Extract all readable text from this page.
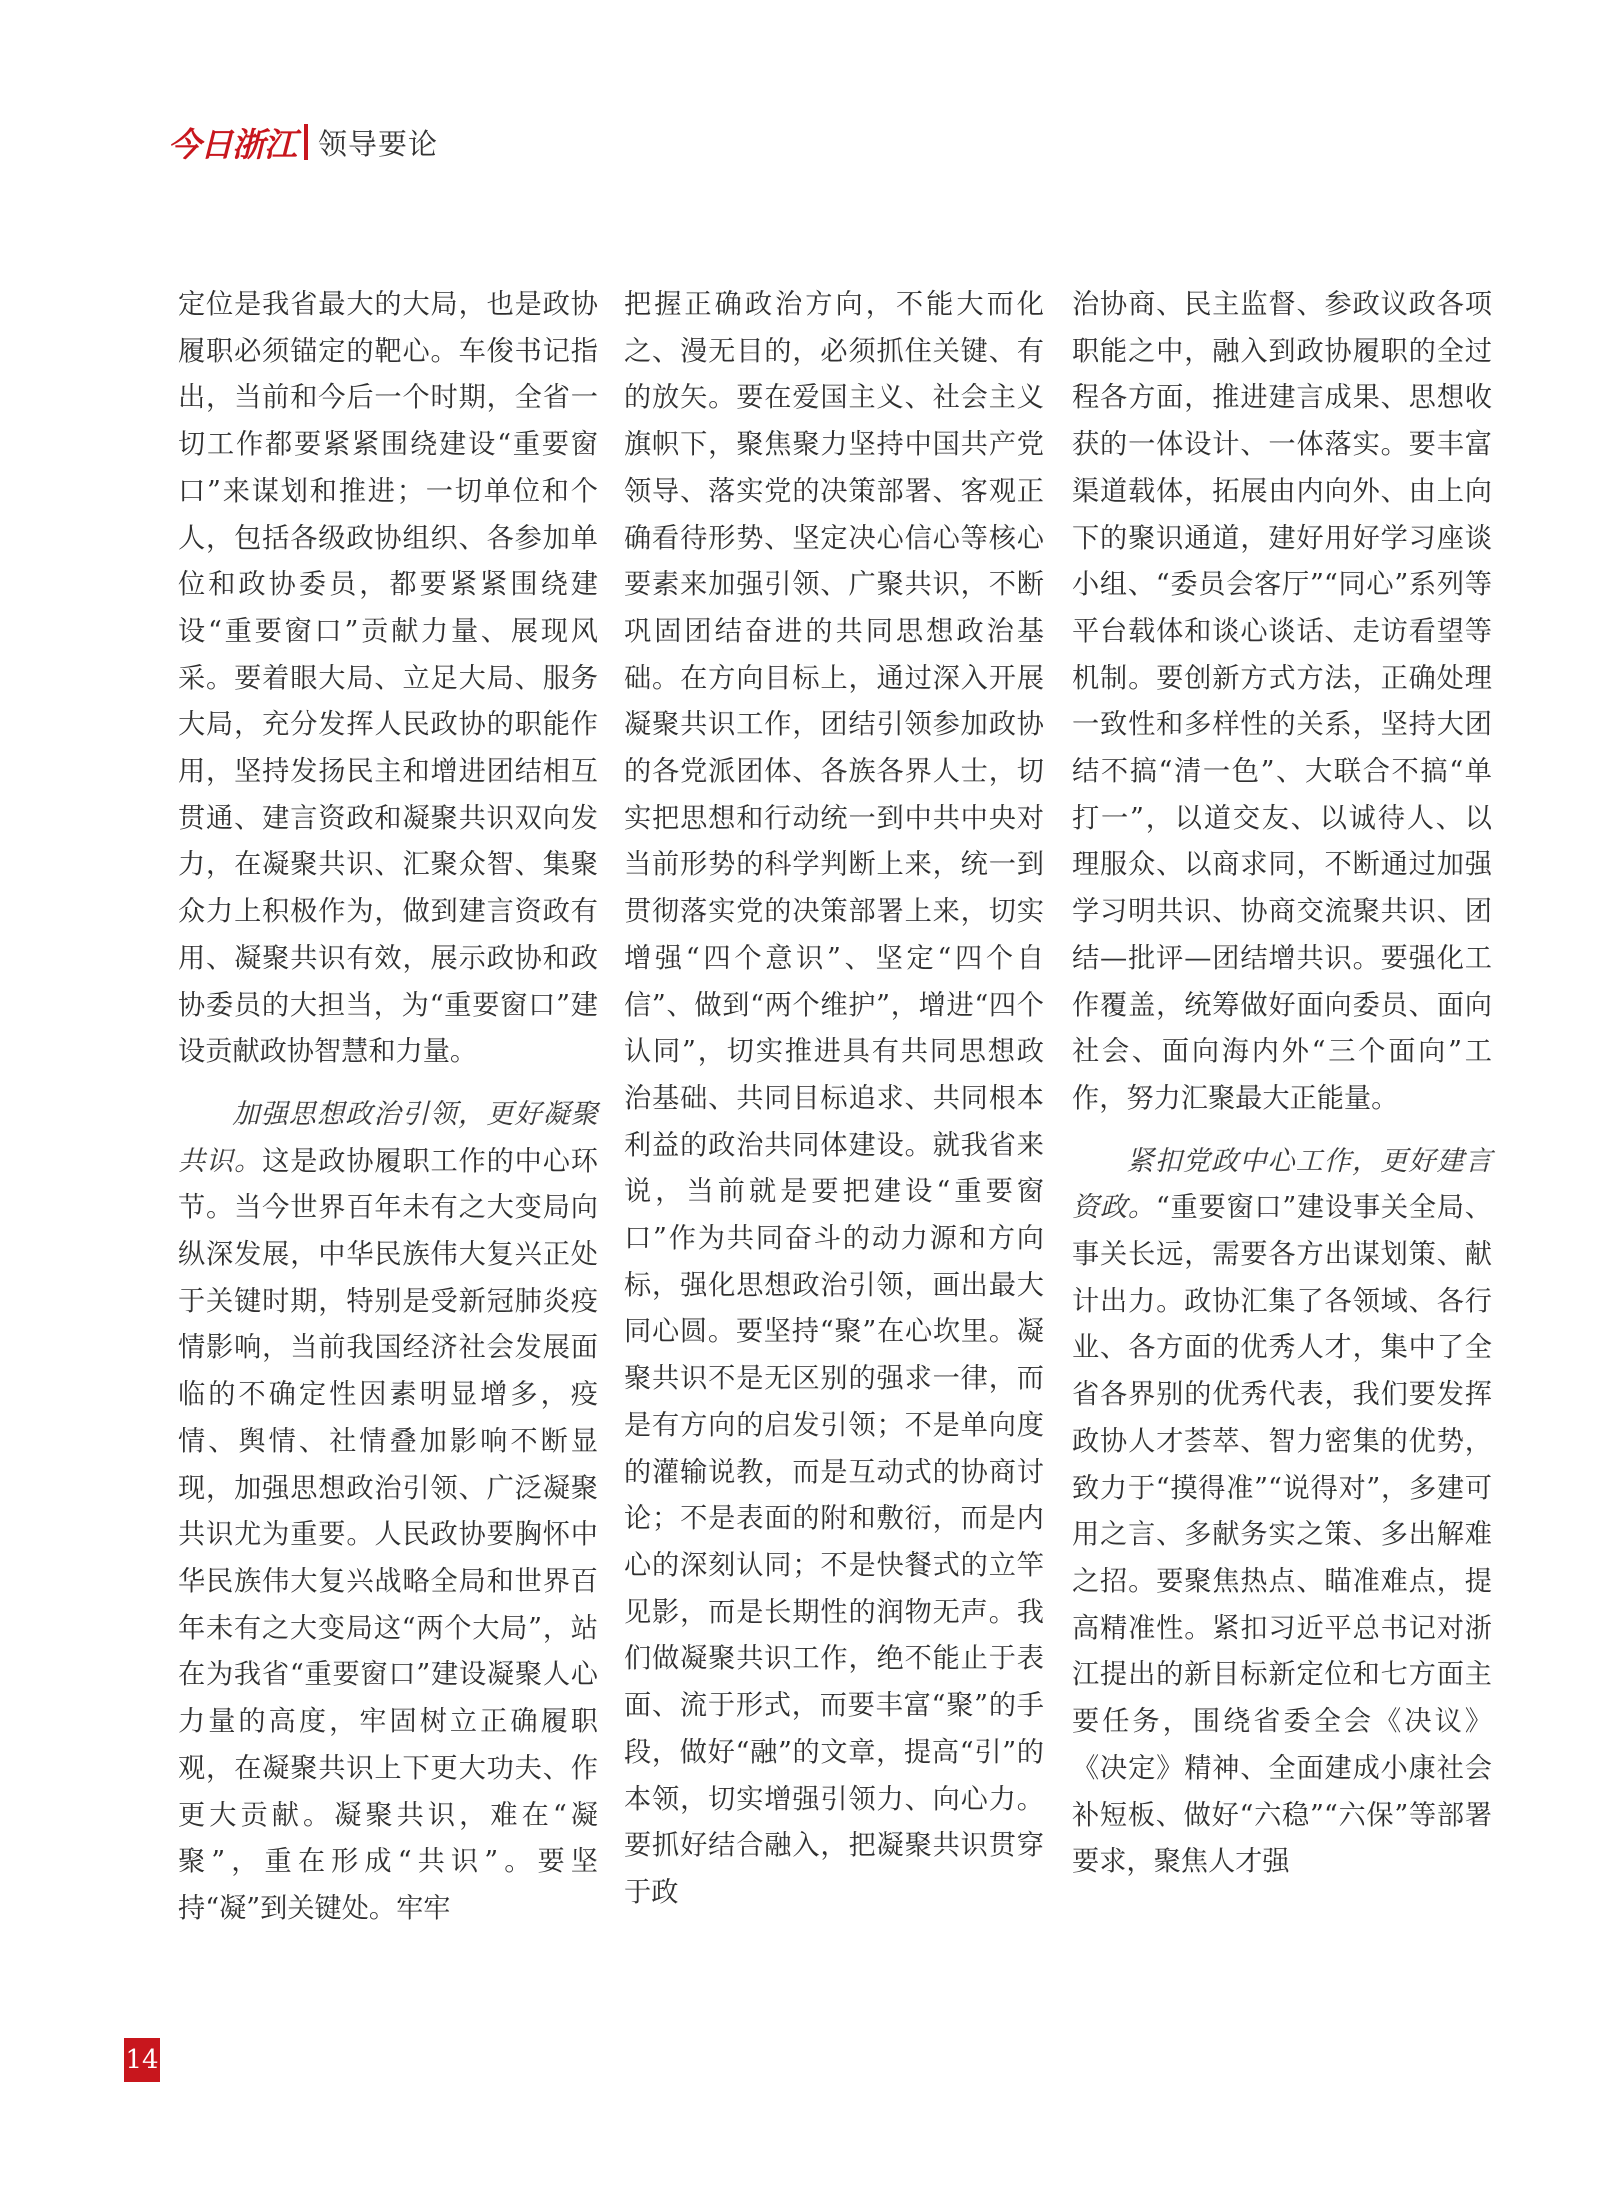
今日浙江 领导要论

定位是我省最大的大局，也是政协履职必须锚定的靶心。车俊书记指出，当前和今后一个时期，全省一切工作都要紧紧围绕建设“重要窗口”来谋划和推进；一切单位和个人，包括各级政协组织、各参加单位和政协委员，都要紧紧围绕建设“重要窗口”贡献力量、展现风采。要着眼大局、立足大局、服务大局，充分发挥人民政协的职能作用，坚持发扬民主和增进团结相互贯通、建言资政和凝聚共识双向发力，在凝聚共识、汇聚众智、集聚众力上积极作为，做到建言资政有用、凝聚共识有效，展示政协和政协委员的大担当，为“重要窗口”建设贡献政协智慧和力量。

加强思想政治引领，更好凝聚共识。这是政协履职工作的中心环节。当今世界百年未有之大变局向纵深发展，中华民族伟大复兴正处于关键时期，特别是受新冠肺炎疫情影响，当前我国经济社会发展面临的不确定性因素明显增多，疫情、舆情、社情叠加影响不断显现，加强思想政治引领、广泛凝聚共识尤为重要。人民政协要胸怀中华民族伟大复兴战略全局和世界百年未有之大变局这“两个大局”，站在为我省“重要窗口”建设凝聚人心力量的高度，牢固树立正确履职观，在凝聚共识上下更大功夫、作更大贡献。凝聚共识，难在“凝聚”，重在形成“共识”。要坚持“凝”到关键处。牢牢

把握正确政治方向，不能大而化之、漫无目的，必须抓住关键、有的放矢。要在爱国主义、社会主义旗帜下，聚焦聚力坚持中国共产党领导、落实党的决策部署、客观正确看待形势、坚定决心信心等核心要素来加强引领、广聚共识，不断巩固团结奋进的共同思想政治基础。在方向目标上，通过深入开展凝聚共识工作，团结引领参加政协的各党派团体、各族各界人士，切实把思想和行动统一到中共中央对当前形势的科学判断上来，统一到贯彻落实党的决策部署上来，切实增强“四个意识”、坚定“四个自信”、做到“两个维护”，增进“四个认同”，切实推进具有共同思想政治基础、共同目标追求、共同根本利益的政治共同体建设。就我省来说，当前就是要把建设“重要窗口”作为共同奋斗的动力源和方向标，强化思想政治引领，画出最大同心圆。要坚持“聚”在心坎里。凝聚共识不是无区别的强求一律，而是有方向的启发引领；不是单向度的灌输说教，而是互动式的协商讨论；不是表面的附和敷衍，而是内心的深刻认同；不是快餐式的立竿见影，而是长期性的润物无声。我们做凝聚共识工作，绝不能止于表面、流于形式，而要丰富“聚”的手段，做好“融”的文章，提高“引”的本领，切实增强引领力、向心力。要抓好结合融入，把凝聚共识贯穿于政

治协商、民主监督、参政议政各项职能之中，融入到政协履职的全过程各方面，推进建言成果、思想收获的一体设计、一体落实。要丰富渠道载体，拓展由内向外、由上向下的聚识通道，建好用好学习座谈小组、“委员会客厅”“同心”系列等平台载体和谈心谈话、走访看望等机制。要创新方式方法，正确处理一致性和多样性的关系，坚持大团结不搞“清一色”、大联合不搞“单打一”，以道交友、以诚待人、以理服众、以商求同，不断通过加强学习明共识、协商交流聚共识、团结—批评—团结增共识。要强化工作覆盖，统筹做好面向委员、面向社会、面向海内外“三个面向”工作，努力汇聚最大正能量。

紧扣党政中心工作，更好建言资政。“重要窗口”建设事关全局、事关长远，需要各方出谋划策、献计出力。政协汇集了各领域、各行业、各方面的优秀人才，集中了全省各界别的优秀代表，我们要发挥政协人才荟萃、智力密集的优势，致力于“摸得准”“说得对”，多建可用之言、多献务实之策、多出解难之招。要聚焦热点、瞄准难点，提高精准性。紧扣习近平总书记对浙江提出的新目标新定位和七方面主要任务，围绕省委全会《决议》《决定》精神、全面建成小康社会补短板、做好“六稳”“六保”等部署要求，聚焦人才强

14
